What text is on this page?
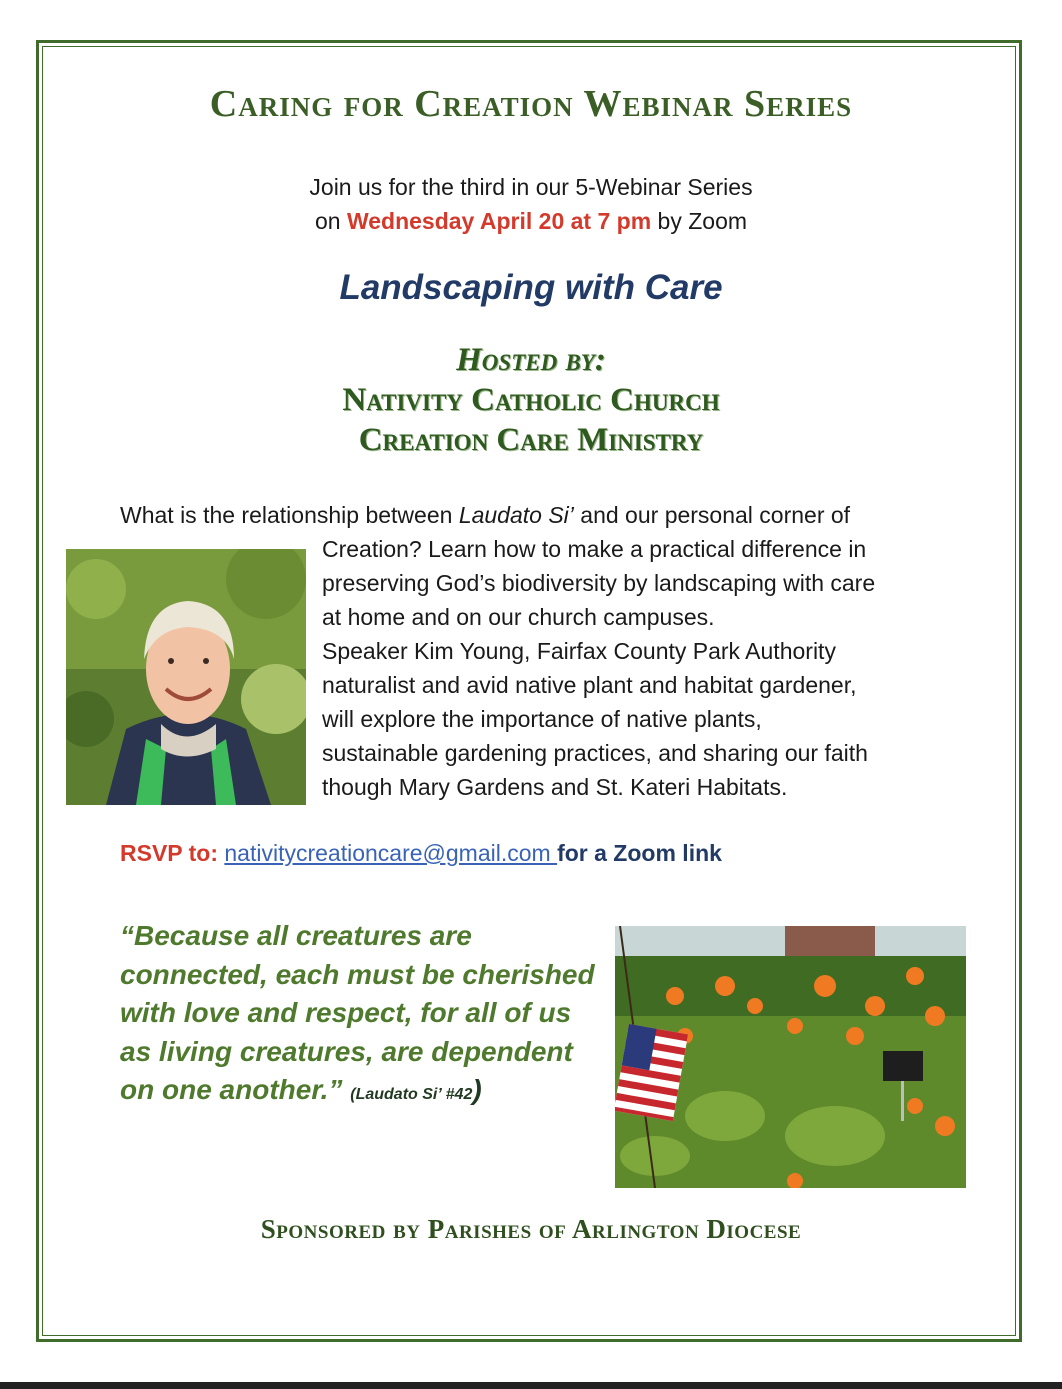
Caring for Creation Webinar Series
Join us for the third in our 5-Webinar Series
on Wednesday April 20 at 7 pm by Zoom
Landscaping with Care
Hosted by:
Nativity Catholic Church
Creation Care Ministry
What is the relationship between Laudato Si’ and our personal corner of
Creation? Learn how to make a practical difference in
preserving God’s biodiversity by landscaping with care
at home and on our church campuses.
Speaker Kim Young, Fairfax County Park Authority
naturalist and avid native plant and habitat gardener,
will explore the importance of native plants,
sustainable gardening practices, and sharing our faith
though Mary Gardens and St. Kateri Habitats.
RSVP to: nativitycreationcare@gmail.com for a Zoom link
“Because all creatures are connected, each must be cherished with love and respect, for all of us as living creatures, are dependent on one another.” (Laudato Si’ #42)
Sponsored by Parishes of Arlington Diocese
